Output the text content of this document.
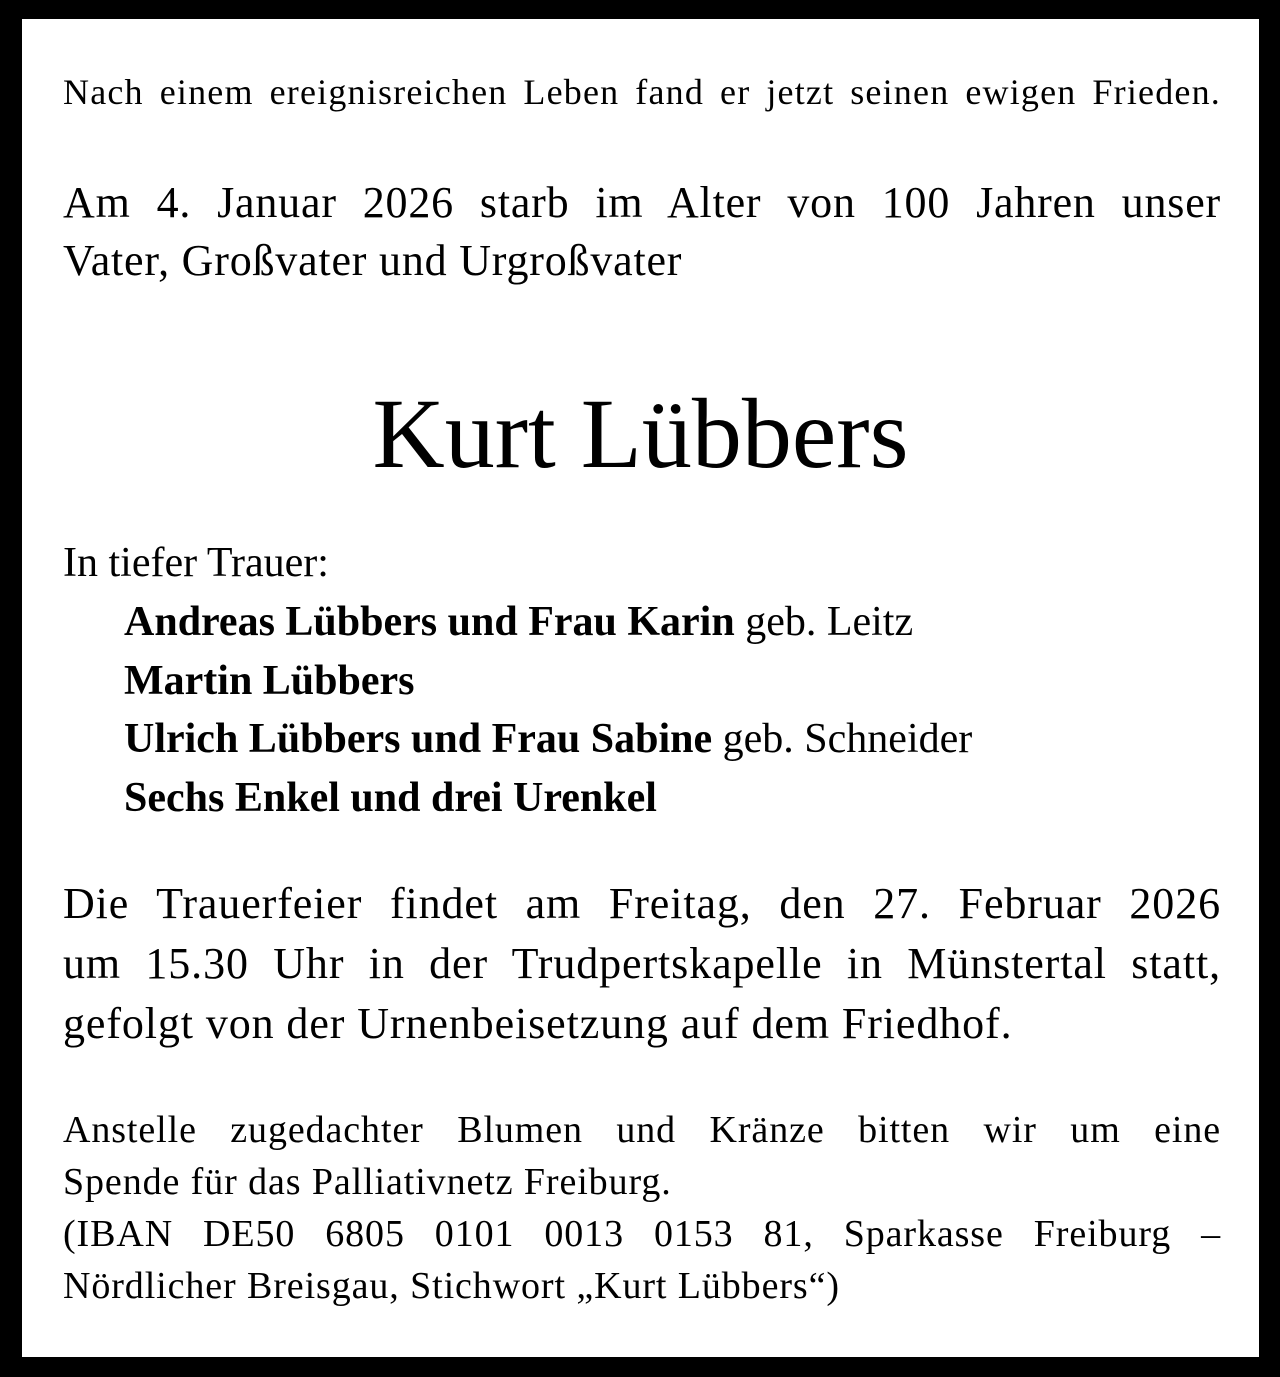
Nach einem ereignisreichen Leben fand er jetzt seinen ewigen Frieden.

Am 4. Januar 2026 starb im Alter von 100 Jahren unser
Vater, Großvater und Urgroßvater

Kurt Lübbers

In tiefer Trauer:

Andreas Lübbers und Frau Karin geb. Leitz
Martin Lübbers
Ulrich Lübbers und Frau Sabine geb. Schneider
Sechs Enkel und drei Urenkel

Die Trauerfeier findet am Freitag, den 27. Februar 2026
um 15.30 Uhr in der Trudpertskapelle in Münstertal statt,
gefolgt von der Urnenbeisetzung auf dem Friedhof.

Anstelle zugedachter Blumen und Kränze bitten wir um eine
Spende für das Palliativnetz Freiburg.
(IBAN DE50 6805 0101 0013 0153 81, Sparkasse Freiburg –
Nördlicher Breisgau, Stichwort „Kurt Lübbers“)
